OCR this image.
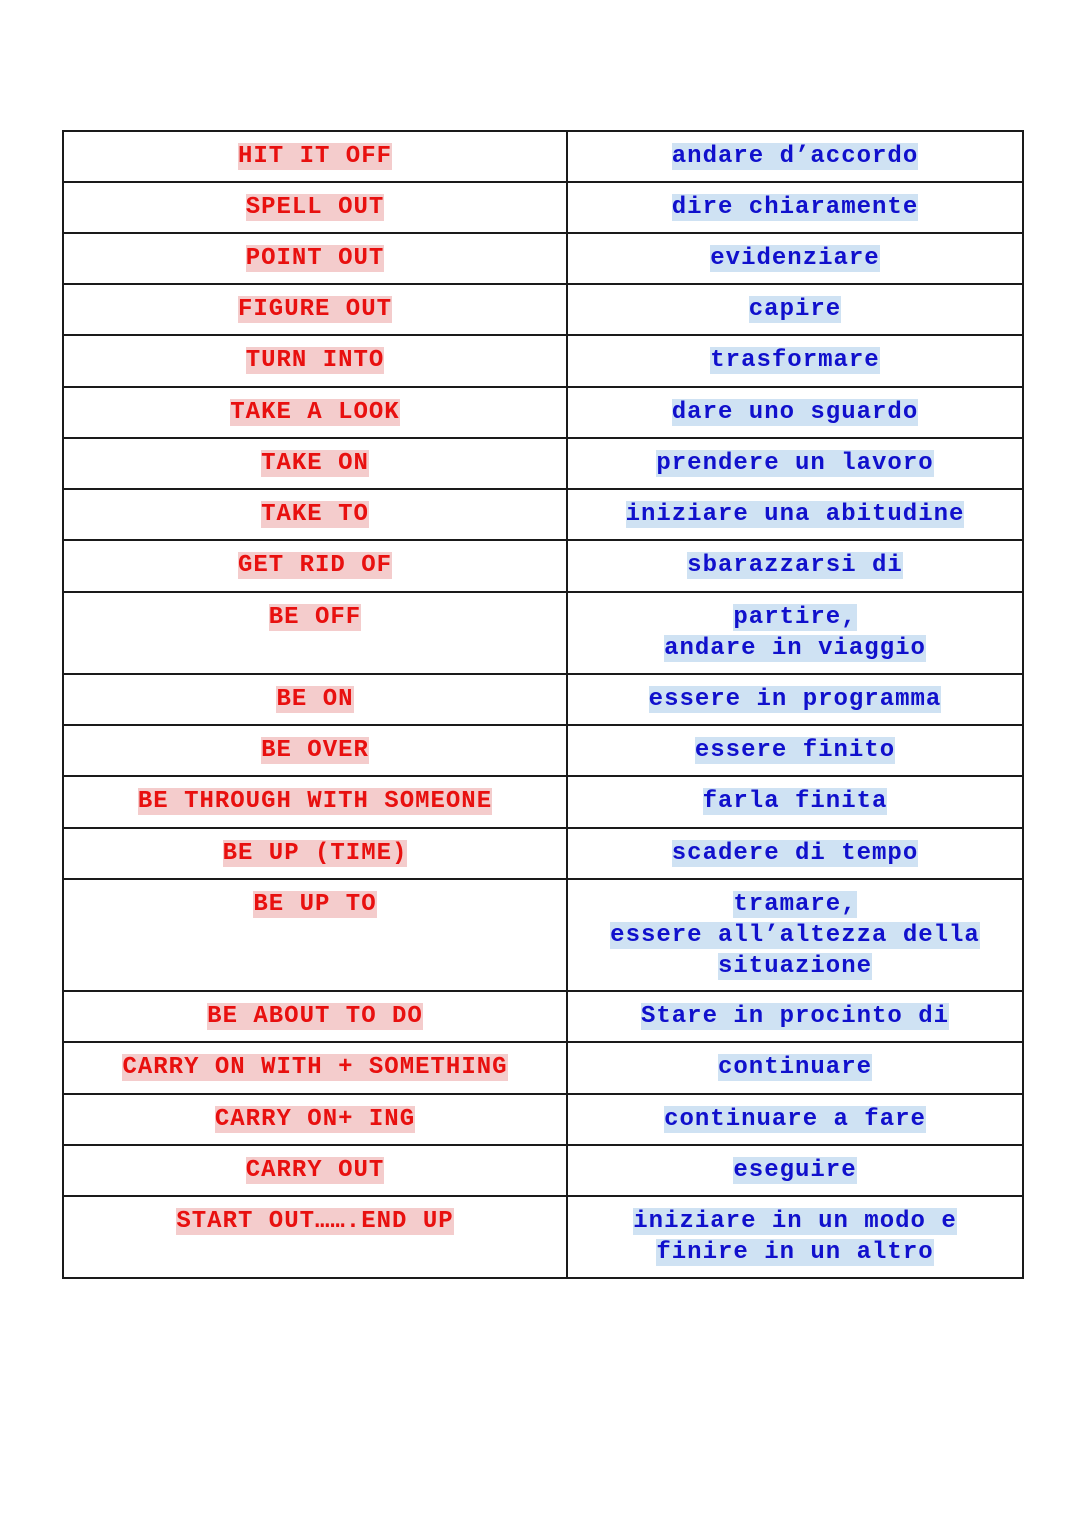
HIT IT OFF	andare d’accordo
SPELL OUT	dire chiaramente
POINT OUT	evidenziare
FIGURE OUT	capire
TURN INTO	trasformare
TAKE A LOOK	dare uno sguardo
TAKE ON	prendere un lavoro
TAKE TO	iniziare una abitudine
GET RID OF	sbarazzarsi di
BE OFF	partire,
andare in viaggio
BE ON	essere in programma
BE OVER	essere finito
BE THROUGH WITH SOMEONE	farla finita
BE UP (TIME)	scadere di tempo
BE UP TO	tramare,
essere all’altezza della
situazione
BE ABOUT TO DO	Stare in procinto di
CARRY ON WITH + SOMETHING	continuare
CARRY ON+ ING	continuare a fare
CARRY OUT	eseguire
START OUT…….END UP	iniziare in un modo e
finire in un altro
